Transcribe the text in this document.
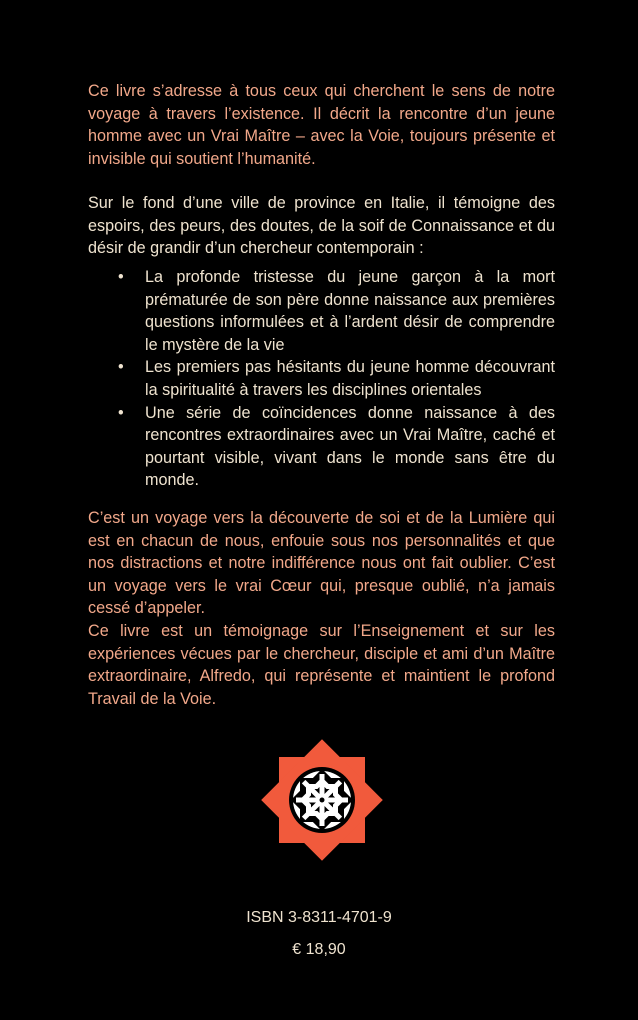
Ce livre s’adresse à tous ceux qui cherchent le sens de notre voyage à travers l’existence. Il décrit la rencontre d’un jeune homme avec un Vrai Maître – avec la Voie, toujours présente et invisible qui soutient l’humanité.

Sur le fond d’une ville de province en Italie, il témoigne des espoirs, des peurs, des doutes, de la soif de Connaissance et du désir de grandir d’un chercheur contemporain :

• La profonde tristesse du jeune garçon à la mort prématurée de son père donne naissance aux premières questions informulées et à l’ardent désir de comprendre le mystère de la vie
• Les premiers pas hésitants du jeune homme découvrant la spiritualité à travers les disciplines orientales
• Une série de coïncidences donne naissance à des rencontres extraordinaires avec un Vrai Maître, caché et pourtant visible, vivant dans le monde sans être du monde.

C’est un voyage vers la découverte de soi et de la Lumière qui est en chacun de nous, enfouie sous nos personnalités et que nos distractions et notre indifférence nous ont fait oublier. C’est un voyage vers le vrai Cœur qui, presque oublié, n’a jamais cessé d’appeler.

Ce livre est un témoignage sur l’Enseignement et sur les expériences vécues par le chercheur, disciple et ami d’un Maître extraordinaire, Alfredo, qui représente et maintient le profond Travail de la Voie.

ISBN 3-8311-4701-9
€ 18,90
